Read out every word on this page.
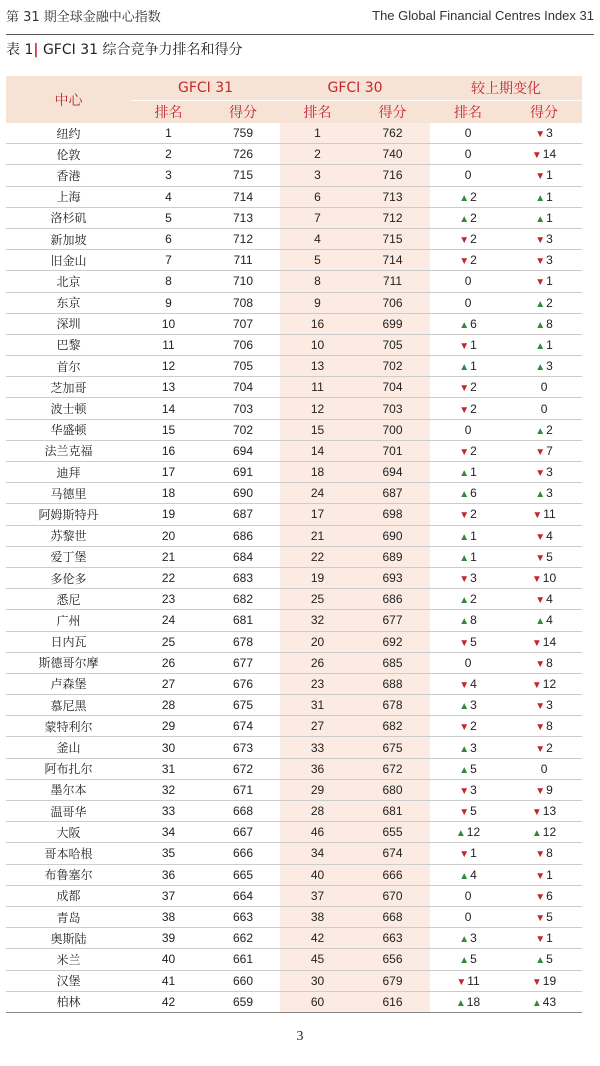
第 31 期全球金融中心指数	The Global Financial Centres Index 31
表 1| GFCI 31 综合竞争力排名和得分
中心	GFCI 31		GFCI 30		较上期变化	
	排名	得分	排名	得分	排名	得分
纽约	1	759	1	762	0	▼3
伦敦	2	726	2	740	0	▼14
香港	3	715	3	716	0	▼1
上海	4	714	6	713	▲2	▲1
洛杉矶	5	713	7	712	▲2	▲1
新加坡	6	712	4	715	▼2	▼3
旧金山	7	711	5	714	▼2	▼3
北京	8	710	8	711	0	▼1
东京	9	708	9	706	0	▲2
深圳	10	707	16	699	▲6	▲8
巴黎	11	706	10	705	▼1	▲1
首尔	12	705	13	702	▲1	▲3
芝加哥	13	704	11	704	▼2	0
波士顿	14	703	12	703	▼2	0
华盛顿	15	702	15	700	0	▲2
法兰克福	16	694	14	701	▼2	▼7
迪拜	17	691	18	694	▲1	▼3
马德里	18	690	24	687	▲6	▲3
阿姆斯特丹	19	687	17	698	▼2	▼11
苏黎世	20	686	21	690	▲1	▼4
爱丁堡	21	684	22	689	▲1	▼5
多伦多	22	683	19	693	▼3	▼10
悉尼	23	682	25	686	▲2	▼4
广州	24	681	32	677	▲8	▲4
日内瓦	25	678	20	692	▼5	▼14
斯德哥尔摩	26	677	26	685	0	▼8
卢森堡	27	676	23	688	▼4	▼12
慕尼黑	28	675	31	678	▲3	▼3
蒙特利尔	29	674	27	682	▼2	▼8
釜山	30	673	33	675	▲3	▼2
阿布扎尔	31	672	36	672	▲5	0
墨尔本	32	671	29	680	▼3	▼9
温哥华	33	668	28	681	▼5	▼13
大阪	34	667	46	655	▲12	▲12
哥本哈根	35	666	34	674	▼1	▼8
布鲁塞尔	36	665	40	666	▲4	▼1
成都	37	664	37	670	0	▼6
青岛	38	663	38	668	0	▼5
奥斯陆	39	662	42	663	▲3	▼1
米兰	40	661	45	656	▲5	▲5
汉堡	41	660	30	679	▼11	▼19
柏林	42	659	60	616	▲18	▲43
3
